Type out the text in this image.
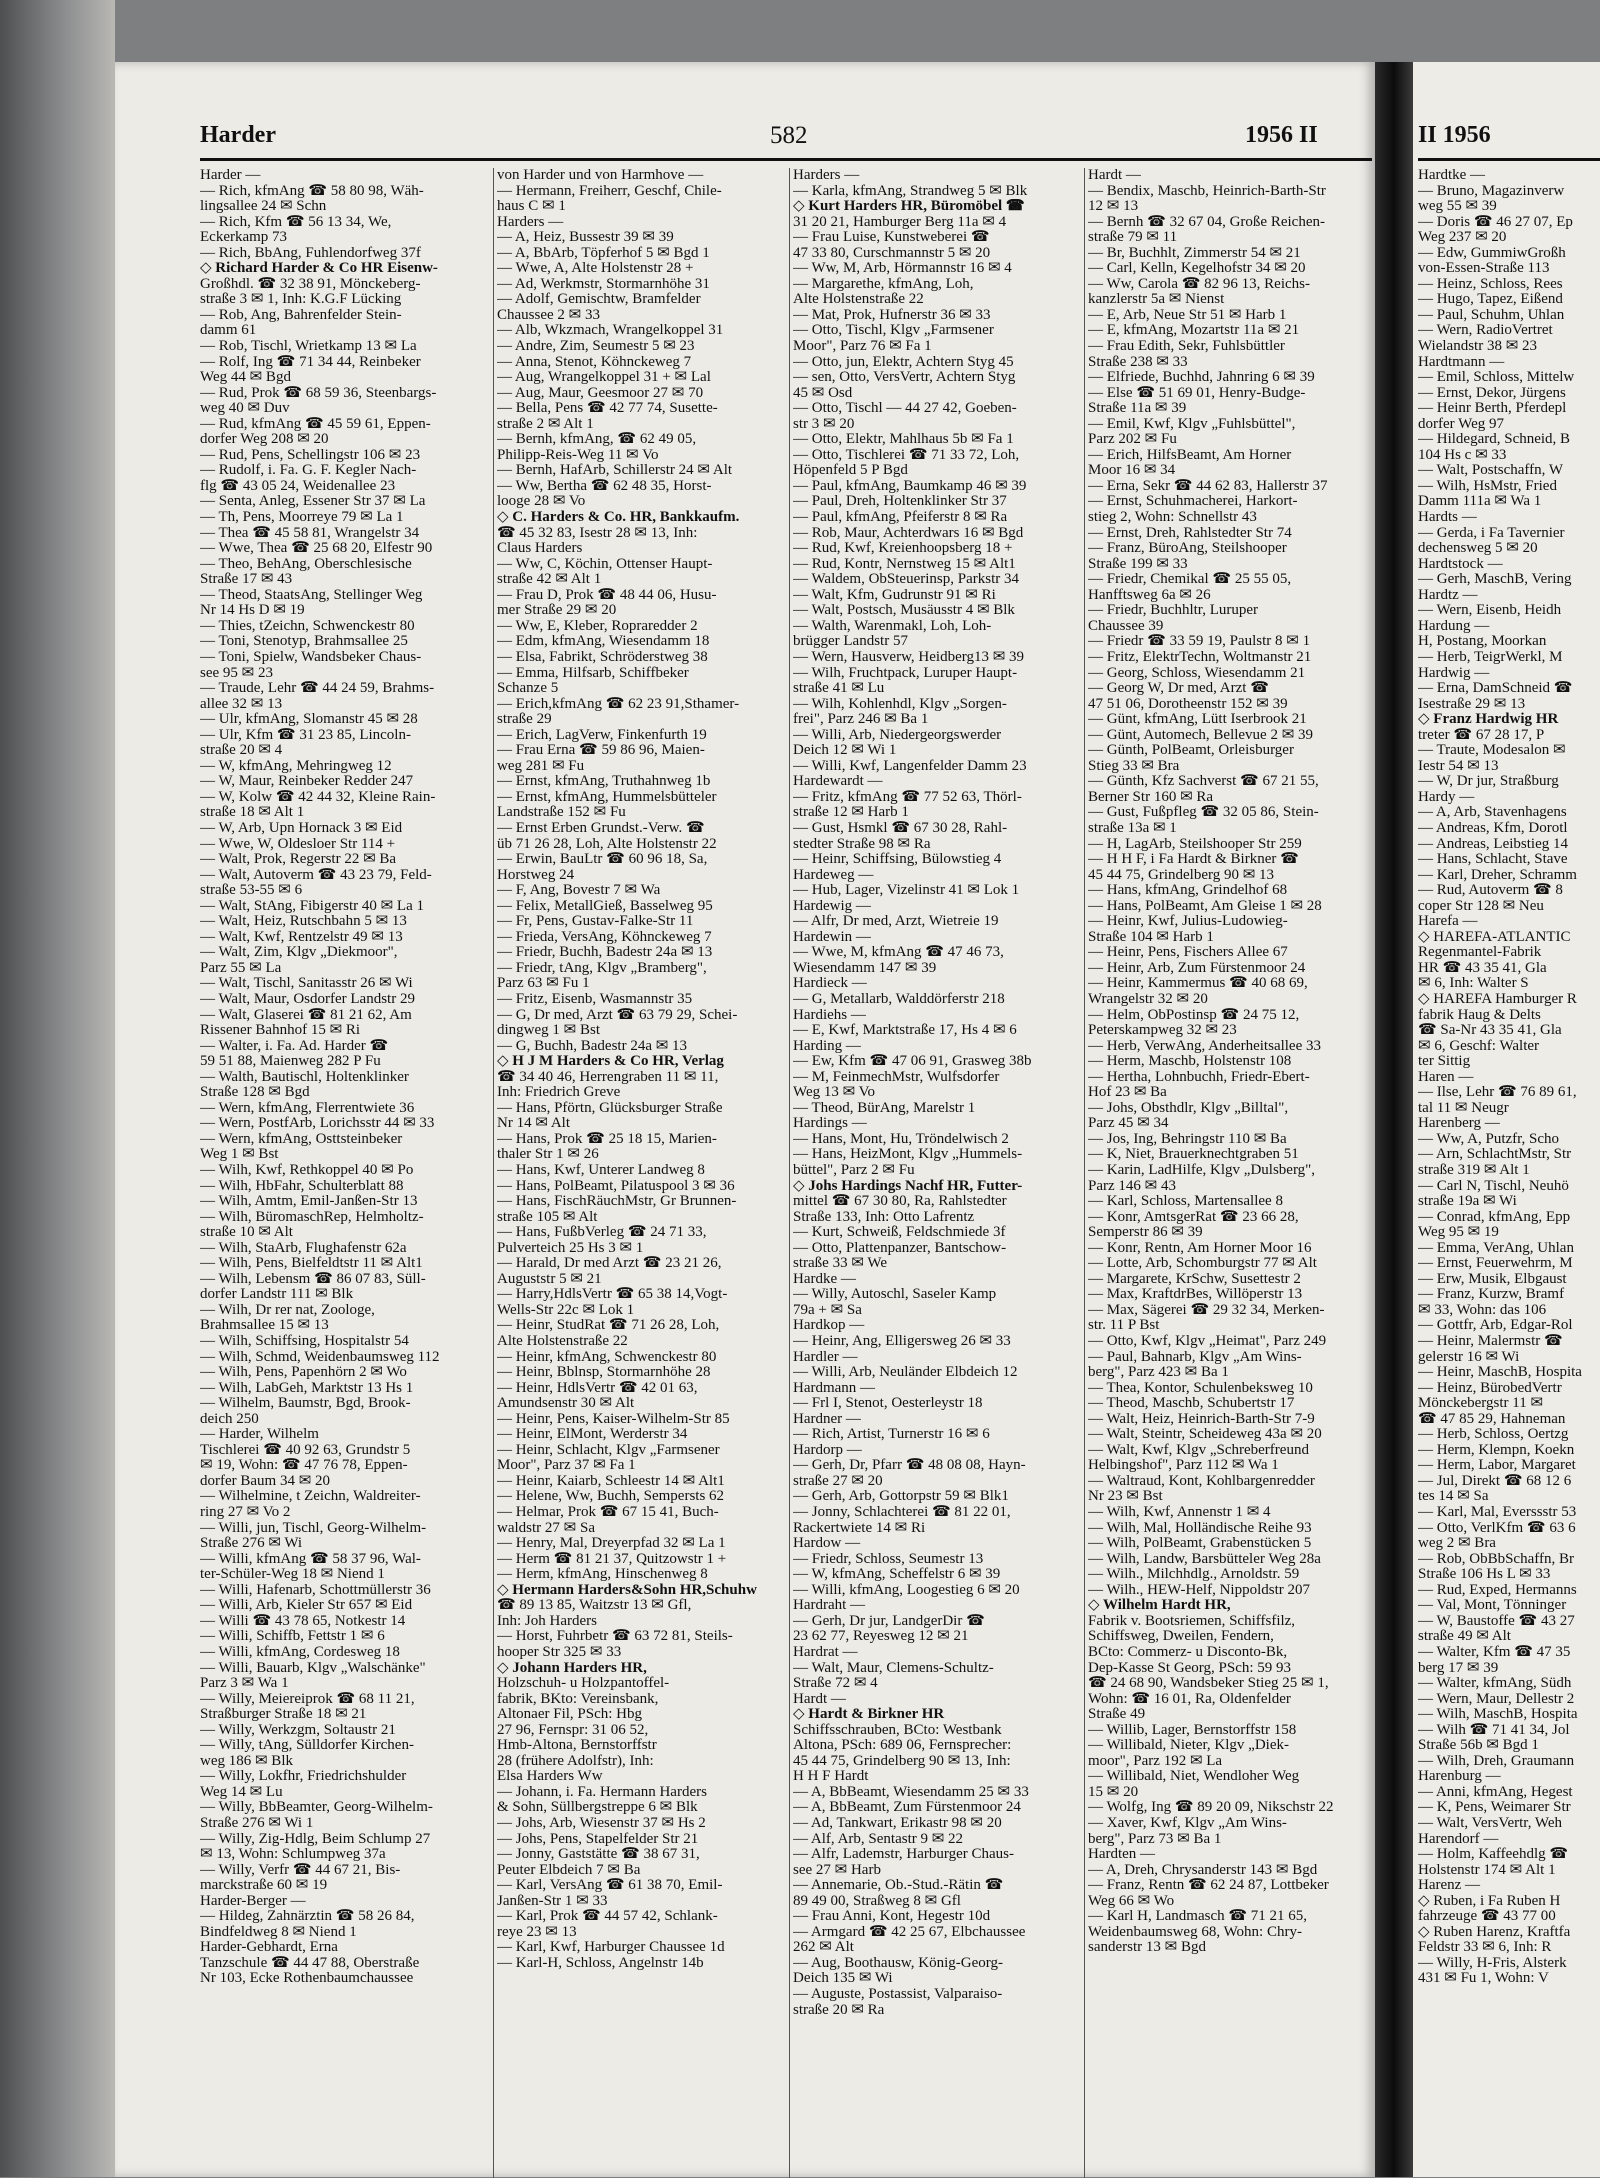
Harder	582	1956 II	II 1956
Harder —
— Rich, kfmAng ☎ 58 80 98, Wäh-
lingsallee 24 ✉ Schn
— Rich, Kfm ☎ 56 13 34, We,
Eckerkamp 73
— Rich, BbAng, Fuhlendorfweg 37f
◇ Richard Harder & Co HR Eisenw-
Großhdl. ☎ 32 38 91, Mönckeberg-
straße 3 ✉ 1, Inh: K.G.F Lücking
— Rob, Ang, Bahrenfelder Stein-
damm 61
— Rob, Tischl, Wrietkamp 13 ✉ La
— Rolf, Ing ☎ 71 34 44, Reinbeker
Weg 44 ✉ Bgd
— Rud, Prok ☎ 68 59 36, Steenbargs-
weg 40 ✉ Duv
— Rud, kfmAng ☎ 45 59 61, Eppen-
dorfer Weg 208 ✉ 20
— Rud, Pens, Schellingstr 106 ✉ 23
— Rudolf, i. Fa. G. F. Kegler Nach-
flg ☎ 43 05 24, Weidenallee 23
— Senta, Anleg, Essener Str 37 ✉ La
— Th, Pens, Moorreye 79 ✉ La 1
— Thea ☎ 45 58 81, Wrangelstr 34
— Wwe, Thea ☎ 25 68 20, Elfestr 90
— Theo, BehAng, Oberschlesische
Straße 17 ✉ 43
— Theod, StaatsAng, Stellinger Weg
Nr 14 Hs D ✉ 19
— Thies, tZeichn, Schwenckestr 80
— Toni, Stenotyp, Brahmsallee 25
— Toni, Spielw, Wandsbeker Chaus-
see 95 ✉ 23
— Traude, Lehr ☎ 44 24 59, Brahms-
allee 32 ✉ 13
— Ulr, kfmAng, Slomanstr 45 ✉ 28
— Ulr, Kfm ☎ 31 23 85, Lincoln-
straße 20 ✉ 4
— W, kfmAng, Mehringweg 12
— W, Maur, Reinbeker Redder 247
— W, Kolw ☎ 42 44 32, Kleine Rain-
straße 18 ✉ Alt 1
— W, Arb, Upn Hornack 3 ✉ Eid
— Wwe, W, Oldesloer Str 114 +
— Walt, Prok, Regerstr 22 ✉ Ba
— Walt, Autoverm ☎ 43 23 79, Feld-
straße 53-55 ✉ 6
— Walt, StAng, Fibigerstr 40 ✉ La 1
— Walt, Heiz, Rutschbahn 5 ✉ 13
— Walt, Kwf, Rentzelstr 49 ✉ 13
— Walt, Zim, Klgv „Diekmoor",
Parz 55 ✉ La
— Walt, Tischl, Sanitasstr 26 ✉ Wi
— Walt, Maur, Osdorfer Landstr 29
— Walt, Glaserei ☎ 81 21 62, Am
Rissener Bahnhof 15 ✉ Ri
— Walter, i. Fa. Ad. Harder ☎
59 51 88, Maienweg 282 P Fu
— Walth, Bautischl, Holtenklinker
Straße 128 ✉ Bgd
— Wern, kfmAng, Flerrentwiete 36
— Wern, PostfArb, Lorichsstr 44 ✉ 33
— Wern, kfmAng, Osttsteinbeker
Weg 1 ✉ Bst
— Wilh, Kwf, Rethkoppel 40 ✉ Po
— Wilh, HbFahr, Schulterblatt 88
— Wilh, Amtm, Emil-Janßen-Str 13
— Wilh, BüromaschRep, Helmholtz-
straße 10 ✉ Alt
— Wilh, StaArb, Flughafenstr 62a
— Wilh, Pens, Bielfeldtstr 11 ✉ Alt1
— Wilh, Lebensm ☎ 86 07 83, Süll-
dorfer Landstr 111 ✉ Blk
— Wilh, Dr rer nat, Zoologe,
Brahmsallee 15 ✉ 13
— Wilh, Schiffsing, Hospitalstr 54
— Wilh, Schmd, Weidenbaumsweg 112
— Wilh, Pens, Papenhörn 2 ✉ Wo
— Wilh, LabGeh, Marktstr 13 Hs 1
— Wilhelm, Baumstr, Bgd, Brook-
deich 250
— Harder, Wilhelm
Tischlerei ☎ 40 92 63, Grundstr 5
✉ 19, Wohn: ☎ 47 76 78, Eppen-
dorfer Baum 34 ✉ 20
— Wilhelmine, t Zeichn, Waldreiter-
ring 27 ✉ Vo 2
— Willi, jun, Tischl, Georg-Wilhelm-
Straße 276 ✉ Wi
— Willi, kfmAng ☎ 58 37 96, Wal-
ter-Schüler-Weg 18 ✉ Niend 1
— Willi, Hafenarb, Schottmüllerstr 36
— Willi, Arb, Kieler Str 657 ✉ Eid
— Willi ☎ 43 78 65, Notkestr 14
— Willi, Schiffb, Fettstr 1 ✉ 6
— Willi, kfmAng, Cordesweg 18
— Willi, Bauarb, Klgv „Walschänke"
Parz 3 ✉ Wa 1
— Willy, Meiereiprok ☎ 68 11 21,
Straßburger Straße 18 ✉ 21
— Willy, Werkzgm, Soltaustr 21
— Willy, tAng, Sülldorfer Kirchen-
weg 186 ✉ Blk
— Willy, Lokfhr, Friedrichshulder
Weg 14 ✉ Lu
— Willy, BbBeamter, Georg-Wilhelm-
Straße 276 ✉ Wi 1
— Willy, Zig-Hdlg, Beim Schlump 27
✉ 13, Wohn: Schlumpweg 37a
— Willy, Verfr ☎ 44 67 21, Bis-
marckstraße 60 ✉ 19
Harder-Berger —
— Hildeg, Zahnärztin ☎ 58 26 84,
Bindfeldweg 8 ✉ Niend 1
Harder-Gebhardt, Erna
Tanzschule ☎ 44 47 88, Oberstraße
Nr 103, Ecke Rothenbaumchaussee
von Harder und von Harmhove —
— Hermann, Freiherr, Geschf, Chile-
haus C ✉ 1
Harders —
— A, Heiz, Bussestr 39 ✉ 39
— A, BbArb, Töpferhof 5 ✉ Bgd 1
— Wwe, A, Alte Holstenstr 28 +
— Ad, Werkmstr, Stormarnhöhe 31
— Adolf, Gemischtw, Bramfelder
Chaussee 2 ✉ 33
— Alb, Wkzmach, Wrangelkoppel 31
— Andre, Zim, Seumestr 5 ✉ 23
— Anna, Stenot, Köhnckeweg 7
— Aug, Wrangelkoppel 31 + ✉ Lal
— Aug, Maur, Geesmoor 27 ✉ 70
— Bella, Pens ☎ 42 77 74, Susette-
straße 2 ✉ Alt 1
— Bernh, kfmAng, ☎ 62 49 05,
Philipp-Reis-Weg 11 ✉ Vo
— Bernh, HafArb, Schillerstr 24 ✉ Alt
— Ww, Bertha ☎ 62 48 35, Horst-
looge 28 ✉ Vo
◇ C. Harders & Co. HR, Bankkaufm.
☎ 45 32 83, Isestr 28 ✉ 13, Inh:
Claus Harders
— Ww, C, Köchin, Ottenser Haupt-
straße 42 ✉ Alt 1
— Frau D, Prok ☎ 48 44 06, Husu-
mer Straße 29 ✉ 20
— Ww, E, Kleber, Ropraredder 2
— Edm, kfmAng, Wiesendamm 18
— Elsa, Fabrikt, Schröderstweg 38
— Emma, Hilfsarb, Schiffbeker
Schanze 5
— Erich,kfmAng ☎ 62 23 91,Sthamer-
straße 29
— Erich, LagVerw, Finkenfurth 19
— Frau Erna ☎ 59 86 96, Maien-
weg 281 ✉ Fu
— Ernst, kfmAng, Truthahnweg 1b
— Ernst, kfmAng, Hummelsbütteler
Landstraße 152 ✉ Fu
— Ernst Erben Grundst.-Verw. ☎
üb 71 26 28, Loh, Alte Holstenstr 22
— Erwin, BauLtr ☎ 60 96 18, Sa,
Horstweg 24
— F, Ang, Bovestr 7 ✉ Wa
— Felix, MetallGieß, Basselweg 95
— Fr, Pens, Gustav-Falke-Str 11
— Frieda, VersAng, Köhnckeweg 7
— Friedr, Buchh, Badestr 24a ✉ 13
— Friedr, tAng, Klgv „Bramberg",
Parz 63 ✉ Fu 1
— Fritz, Eisenb, Wasmannstr 35
— G, Dr med, Arzt ☎ 63 79 29, Schei-
dingweg 1 ✉ Bst
— G, Buchh, Badestr 24a ✉ 13
◇ H J M Harders & Co HR, Verlag
☎ 34 40 46, Herrengraben 11 ✉ 11,
Inh: Friedrich Greve
— Hans, Pförtn, Glücksburger Straße
Nr 14 ✉ Alt
— Hans, Prok ☎ 25 18 15, Marien-
thaler Str 1 ✉ 26
— Hans, Kwf, Unterer Landweg 8
— Hans, PolBeamt, Pilatuspool 3 ✉ 36
— Hans, FischRäuchMstr, Gr Brunnen-
straße 105 ✉ Alt
— Hans, FußbVerleg ☎ 24 71 33,
Pulverteich 25 Hs 3 ✉ 1
— Harald, Dr med Arzt ☎ 23 21 26,
Auguststr 5 ✉ 21
— Harry,HdlsVertr ☎ 65 38 14,Vogt-
Wells-Str 22c ✉ Lok 1
— Heinr, StudRat ☎ 71 26 28, Loh,
Alte Holstenstraße 22
— Heinr, kfmAng, Schwenckestr 80
— Heinr, Bblnsp, Stormarnhöhe 28
— Heinr, HdlsVertr ☎ 42 01 63,
Amundsenstr 30 ✉ Alt
— Heinr, Pens, Kaiser-Wilhelm-Str 85
— Heinr, ElMont, Werderstr 34
— Heinr, Schlacht, Klgv „Farmsener
Moor", Parz 37 ✉ Fa 1
— Heinr, Kaiarb, Schleestr 14 ✉ Alt1
— Helene, Ww, Buchh, Sempersts 62
— Helmar, Prok ☎ 67 15 41, Buch-
waldstr 27 ✉ Sa
— Henry, Mal, Dreyerpfad 32 ✉ La 1
— Herm ☎ 81 21 37, Quitzowstr 1 +
— Herm, kfmAng, Hinschenweg 8
◇ Hermann Harders&Sohn HR,Schuhw
☎ 89 13 85, Waitzstr 13 ✉ Gfl,
Inh: Joh Harders
— Horst, Fuhrbetr ☎ 63 72 81, Steils-
hooper Str 325 ✉ 33
◇ Johann Harders HR,
Holzschuh- u Holzpantoffel-
fabrik, BKto: Vereinsbank,
Altonaer Fil, PSch: Hbg
27 96, Fernspr: 31 06 52,
Hmb-Altona, Bernstorffstr
28 (frühere Adolfstr), Inh:
Elsa Harders Ww
— Johann, i. Fa. Hermann Harders
& Sohn, Süllbergstreppe 6 ✉ Blk
— Johs, Arb, Wiesenstr 37 ✉ Hs 2
— Johs, Pens, Stapelfelder Str 21
— Jonny, Gaststätte ☎ 38 67 31,
Peuter Elbdeich 7 ✉ Ba
— Karl, VersAng ☎ 61 38 70, Emil-
Janßen-Str 1 ✉ 33
— Karl, Prok ☎ 44 57 42, Schlank-
reye 23 ✉ 13
— Karl, Kwf, Harburger Chaussee 1d
— Karl-H, Schloss, Angelnstr 14b
Harders —
— Karla, kfmAng, Strandweg 5 ✉ Blk
◇ Kurt Harders HR, Büromöbel ☎
31 20 21, Hamburger Berg 11a ✉ 4
— Frau Luise, Kunstweberei ☎
47 33 80, Curschmannstr 5 ✉ 20
— Ww, M, Arb, Hörmannstr 16 ✉ 4
— Margarethe, kfmAng, Loh,
Alte Holstenstraße 22
— Mat, Prok, Hufnerstr 36 ✉ 33
— Otto, Tischl, Klgv „Farmsener
Moor", Parz 76 ✉ Fa 1
— Otto, jun, Elektr, Achtern Styg 45
— sen, Otto, VersVertr, Achtern Styg
45 ✉ Osd
— Otto, Tischl — 44 27 42, Goeben-
str 3 ✉ 20
— Otto, Elektr, Mahlhaus 5b ✉ Fa 1
— Otto, Tischlerei ☎ 71 33 72, Loh,
Höpenfeld 5 P Bgd
— Paul, kfmAng, Baumkamp 46 ✉ 39
— Paul, Dreh, Holtenklinker Str 37
— Paul, kfmAng, Pfeiferstr 8 ✉ Ra
— Rob, Maur, Achterdwars 16 ✉ Bgd
— Rud, Kwf, Kreienhoopsberg 18 +
— Rud, Kontr, Nernstweg 15 ✉ Alt1
— Waldem, ObSteuerinsp, Parkstr 34
— Walt, Kfm, Gudrunstr 91 ✉ Ri
— Walt, Postsch, Musäusstr 4 ✉ Blk
— Walth, Warenmakl, Loh, Loh-
brügger Landstr 57
— Wern, Hausverw, Heidberg13 ✉ 39
— Wilh, Fruchtpack, Luruper Haupt-
straße 41 ✉ Lu
— Wilh, Kohlenhdl, Klgv „Sorgen-
frei", Parz 246 ✉ Ba 1
— Willi, Arb, Niedergeorgswerder
Deich 12 ✉ Wi 1
— Willi, Kwf, Langenfelder Damm 23
Hardewardt —
— Fritz, kfmAng ☎ 77 52 63, Thörl-
straße 12 ✉ Harb 1
— Gust, Hsmkl ☎ 67 30 28, Rahl-
stedter Straße 98 ✉ Ra
— Heinr, Schiffsing, Bülowstieg 4
Hardeweg —
— Hub, Lager, Vizelinstr 41 ✉ Lok 1
Hardewig —
— Alfr, Dr med, Arzt, Wietreie 19
Hardewin —
— Wwe, M, kfmAng ☎ 47 46 73,
Wiesendamm 147 ✉ 39
Hardieck —
— G, Metallarb, Walddörferstr 218
Hardiehs —
— E, Kwf, Marktstraße 17, Hs 4 ✉ 6
Harding —
— Ew, Kfm ☎ 47 06 91, Grasweg 38b
— M, FeinmechMstr, Wulfsdorfer
Weg 13 ✉ Vo
— Theod, BürAng, Marelstr 1
Hardings —
— Hans, Mont, Hu, Tröndelwisch 2
— Hans, HeizMont, Klgv „Hummels-
büttel", Parz 2 ✉ Fu
◇ Johs Hardings Nachf HR, Futter-
mittel ☎ 67 30 80, Ra, Rahlstedter
Straße 133, Inh: Otto Lafrentz
— Kurt, Schweiß, Feldschmiede 3f
— Otto, Plattenpanzer, Bantschow-
straße 33 ✉ We
Hardke —
— Willy, Autoschl, Saseler Kamp
79a + ✉ Sa
Hardkop —
— Heinr, Ang, Elligersweg 26 ✉ 33
Hardler —
— Willi, Arb, Neuländer Elbdeich 12
Hardmann —
— Frl I, Stenot, Oesterleystr 18
Hardner —
— Rich, Artist, Turnerstr 16 ✉ 6
Hardorp —
— Gerh, Dr, Pfarr ☎ 48 08 08, Hayn-
straße 27 ✉ 20
— Gerh, Arb, Gottorpstr 59 ✉ Blk1
— Jonny, Schlachterei ☎ 81 22 01,
Rackertwiete 14 ✉ Ri
Hardow —
— Friedr, Schloss, Seumestr 13
— W, kfmAng, Scheffelstr 6 ✉ 39
— Willi, kfmAng, Loogestieg 6 ✉ 20
Hardraht —
— Gerh, Dr jur, LandgerDir ☎
23 62 77, Reyesweg 12 ✉ 21
Hardrat —
— Walt, Maur, Clemens-Schultz-
Straße 72 ✉ 4
Hardt —
◇ Hardt & Birkner HR
Schiffsschrauben, BCto: Westbank
Altona, PSch: 689 06, Fernsprecher:
45 44 75, Grindelberg 90 ✉ 13, Inh:
H H F Hardt
— A, BbBeamt, Wiesendamm 25 ✉ 33
— A, BbBeamt, Zum Fürstenmoor 24
— Ad, Tankwart, Erikastr 98 ✉ 20
— Alf, Arb, Sentastr 9 ✉ 22
— Alfr, Lademstr, Harburger Chaus-
see 27 ✉ Harb
— Annemarie, Ob.-Stud.-Rätin ☎
89 49 00, Straßweg 8 ✉ Gfl
— Frau Anni, Kont, Hegestr 10d
— Armgard ☎ 42 25 67, Elbchaussee
262 ✉ Alt
— Aug, Boothausw, König-Georg-
Deich 135 ✉ Wi
— Auguste, Postassist, Valparaiso-
straße 20 ✉ Ra
Hardt —
— Bendix, Maschb, Heinrich-Barth-Str
12 ✉ 13
— Bernh ☎ 32 67 04, Große Reichen-
straße 79 ✉ 11
— Br, Buchhlt, Zimmerstr 54 ✉ 21
— Carl, Kelln, Kegelhofstr 34 ✉ 20
— Ww, Carola ☎ 82 96 13, Reichs-
kanzlerstr 5a ✉ Nienst
— E, Arb, Neue Str 51 ✉ Harb 1
— E, kfmAng, Mozartstr 11a ✉ 21
— Frau Edith, Sekr, Fuhlsbüttler
Straße 238 ✉ 33
— Elfriede, Buchhd, Jahnring 6 ✉ 39
— Else ☎ 51 69 01, Henry-Budge-
Straße 11a ✉ 39
— Emil, Kwf, Klgv „Fuhlsbüttel",
Parz 202 ✉ Fu
— Erich, HilfsBeamt, Am Horner
Moor 16 ✉ 34
— Erna, Sekr ☎ 44 62 83, Hallerstr 37
— Ernst, Schuhmacherei, Harkort-
stieg 2, Wohn: Schnellstr 43
— Ernst, Dreh, Rahlstedter Str 74
— Franz, BüroAng, Steilshooper
Straße 199 ✉ 33
— Friedr, Chemikal ☎ 25 55 05,
Hanfftsweg 6a ✉ 26
— Friedr, Buchhltr, Luruper
Chaussee 39
— Friedr ☎ 33 59 19, Paulstr 8 ✉ 1
— Fritz, ElektrTechn, Woltmanstr 21
— Georg, Schloss, Wiesendamm 21
— Georg W, Dr med, Arzt ☎
47 51 06, Dorotheenstr 152 ✉ 39
— Günt, kfmAng, Lütt Iserbrook 21
— Günt, Automech, Bellevue 2 ✉ 39
— Günth, PolBeamt, Orleisburger
Stieg 33 ✉ Bra
— Günth, Kfz Sachverst ☎ 67 21 55,
Berner Str 160 ✉ Ra
— Gust, Fußpfleg ☎ 32 05 86, Stein-
straße 13a ✉ 1
— H, LagArb, Steilshooper Str 259
— H H F, i Fa Hardt & Birkner ☎
45 44 75, Grindelberg 90 ✉ 13
— Hans, kfmAng, Grindelhof 68
— Hans, PolBeamt, Am Gleise 1 ✉ 28
— Heinr, Kwf, Julius-Ludowieg-
Straße 104 ✉ Harb 1
— Heinr, Pens, Fischers Allee 67
— Heinr, Arb, Zum Fürstenmoor 24
— Heinr, Kammermus ☎ 40 68 69,
Wrangelstr 32 ✉ 20
— Helm, ObPostinsp ☎ 24 75 12,
Peterskampweg 32 ✉ 23
— Herb, VerwAng, Anderheitsallee 33
— Herm, Maschb, Holstenstr 108
— Hertha, Lohnbuchh, Friedr-Ebert-
Hof 23 ✉ Ba
— Johs, Obsthdlr, Klgv „Billtal",
Parz 45 ✉ 34
— Jos, Ing, Behringstr 110 ✉ Ba
— K, Niet, Brauerknechtgraben 51
— Karin, LadHilfe, Klgv „Dulsberg",
Parz 146 ✉ 43
— Karl, Schloss, Martensallee 8
— Konr, AmtsgerRat ☎ 23 66 28,
Semperstr 86 ✉ 39
— Konr, Rentn, Am Horner Moor 16
— Lotte, Arb, Schomburgstr 77 ✉ Alt
— Margarete, KrSchw, Susettestr 2
— Max, KraftdrBes, Willöperstr 13
— Max, Sägerei ☎ 29 32 34, Merken-
str. 11 P Bst
— Otto, Kwf, Klgv „Heimat", Parz 249
— Paul, Bahnarb, Klgv „Am Wins-
berg", Parz 423 ✉ Ba 1
— Thea, Kontor, Schulenbeksweg 10
— Theod, Maschb, Schubertstr 17
— Walt, Heiz, Heinrich-Barth-Str 7-9
— Walt, Steintr, Scheideweg 43a ✉ 20
— Walt, Kwf, Klgv „Schreberfreund
Helbingshof", Parz 112 ✉ Wa 1
— Waltraud, Kont, Kohlbargenredder
Nr 23 ✉ Bst
— Wilh, Kwf, Annenstr 1 ✉ 4
— Wilh, Mal, Holländische Reihe 93
— Wilh, PolBeamt, Grabenstücken 5
— Wilh, Landw, Barsbütteler Weg 28a
— Wilh., Milchhdlg., Arnoldstr. 59
— Wilh., HEW-Helf, Nippoldstr 207
◇ Wilhelm Hardt HR,
Fabrik v. Bootsriemen, Schiffsfilz,
Schiffsweg, Dweilen, Fendern,
BCto: Commerz- u Disconto-Bk,
Dep-Kasse St Georg, PSch: 59 93
☎ 24 68 90, Wandsbeker Stieg 25 ✉ 1,
Wohn: ☎ 16 01, Ra, Oldenfelder
Straße 49
— Willib, Lager, Bernstorffstr 158
— Willibald, Nieter, Klgv „Diek-
moor", Parz 192 ✉ La
— Willibald, Niet, Wendloher Weg
15 ✉ 20
— Wolfg, Ing ☎ 89 20 09, Nikschstr 22
— Xaver, Kwf, Klgv „Am Wins-
berg", Parz 73 ✉ Ba 1
Hardten —
— A, Dreh, Chrysanderstr 143 ✉ Bgd
— Franz, Rentn ☎ 62 24 87, Lottbeker
Weg 66 ✉ Wo
— Karl H, Landmasch ☎ 71 21 65,
Weidenbaumsweg 68, Wohn: Chry-
sanderstr 13 ✉ Bgd
Hardtke —
— Bruno, Magazinverw
weg 55 ✉ 39
— Doris ☎ 46 27 07, Ep
Weg 237 ✉ 20
— Edw, GummiwGroßh
von-Essen-Straße 113
— Heinz, Schloss, Rees
— Hugo, Tapez, Eißend
— Paul, Schuhm, Uhlan
— Wern, RadioVertret
Wielandstr 38 ✉ 23
Hardtmann —
— Emil, Schloss, Mittelw
— Ernst, Dekor, Jürgens
— Heinr Berth, Pferdepl
dorfer Weg 97
— Hildegard, Schneid, B
104 Hs c ✉ 33
— Walt, Postschaffn, W
— Wilh, HsMstr, Fried
Damm 111a ✉ Wa 1
Hardts —
— Gerda, i Fa Tavernier
dechensweg 5 ✉ 20
Hardtstock —
— Gerh, MaschB, Vering
Hardtz —
— Wern, Eisenb, Heidh
Hardung —
H, Postang, Moorkan
— Herb, TeigrWerkl, M
Hardwig —
— Erna, DamSchneid ☎
Isestraße 29 ✉ 13
◇ Franz Hardwig HR
treter ☎ 67 28 17, P
— Traute, Modesalon ✉
Iestr 54 ✉ 13
— W, Dr jur, Straßburg
Hardy —
— A, Arb, Stavenhagens
— Andreas, Kfm, Dorotl
— Andreas, Leibstieg 14
— Hans, Schlacht, Stave
— Karl, Dreher, Schramm
— Rud, Autoverm ☎ 8
coper Str 128 ✉ Neu
Harefa —
◇ HAREFA-ATLANTIC
Regenmantel-Fabrik
HR ☎ 43 35 41, Gla
✉ 6, Inh: Walter S
◇ HAREFA Hamburger R
fabrik Haug & Delts
☎ Sa-Nr 43 35 41, Gla
✉ 6, Geschf: Walter
ter Sittig
Haren —
— Ilse, Lehr ☎ 76 89 61,
tal 11 ✉ Neugr
Harenberg —
— Ww, A, Putzfr, Scho
— Arn, SchlachtMstr, Str
straße 319 ✉ Alt 1
— Carl N, Tischl, Neuhö
straße 19a ✉ Wi
— Conrad, kfmAng, Epp
Weg 95 ✉ 19
— Emma, VerAng, Uhlan
— Ernst, Feuerwehrm, M
— Erw, Musik, Elbgaust
— Franz, Kurzw, Bramf
✉ 33, Wohn: das 106
— Gottfr, Arb, Edgar-Rol
— Heinr, Malermstr ☎
gelerstr 16 ✉ Wi
— Heinr, MaschB, Hospita
— Heinz, BürobedVertr
Mönckebergstr 11 ✉
☎ 47 85 29, Hahneman
— Herb, Schloss, Oertzg
— Herm, Klempn, Koekn
— Herm, Labor, Margaret
— Jul, Direkt ☎ 68 12 6
tes 14 ✉ Sa
— Karl, Mal, Everssstr 53
— Otto, VerlKfm ☎ 63 6
weg 2 ✉ Bra
— Rob, ObBbSchaffn, Br
Straße 106 Hs L ✉ 33
— Rud, Exped, Hermanns
— Val, Mont, Tönninger
— W, Baustoffe ☎ 43 27
straße 49 ✉ Alt
— Walter, Kfm ☎ 47 35
berg 17 ✉ 39
— Walter, kfmAng, Südh
— Wern, Maur, Dellestr 2
— Wilh, MaschB, Hospita
— Wilh ☎ 71 41 34, Jol
Straße 56b ✉ Bgd 1
— Wilh, Dreh, Graumann
Harenburg —
— Anni, kfmAng, Hegest
— K, Pens, Weimarer Str
— Walt, VersVertr, Weh
Harendorf —
— Holm, Kaffeehdlg ☎
Holstenstr 174 ✉ Alt 1
Harenz —
◇ Ruben, i Fa Ruben H
fahrzeuge ☎ 43 77 00
◇ Ruben Harenz, Kraftfa
Feldstr 33 ✉ 6, Inh: R
— Willy, H-Fris, Alsterk
431 ✉ Fu 1, Wohn: V
